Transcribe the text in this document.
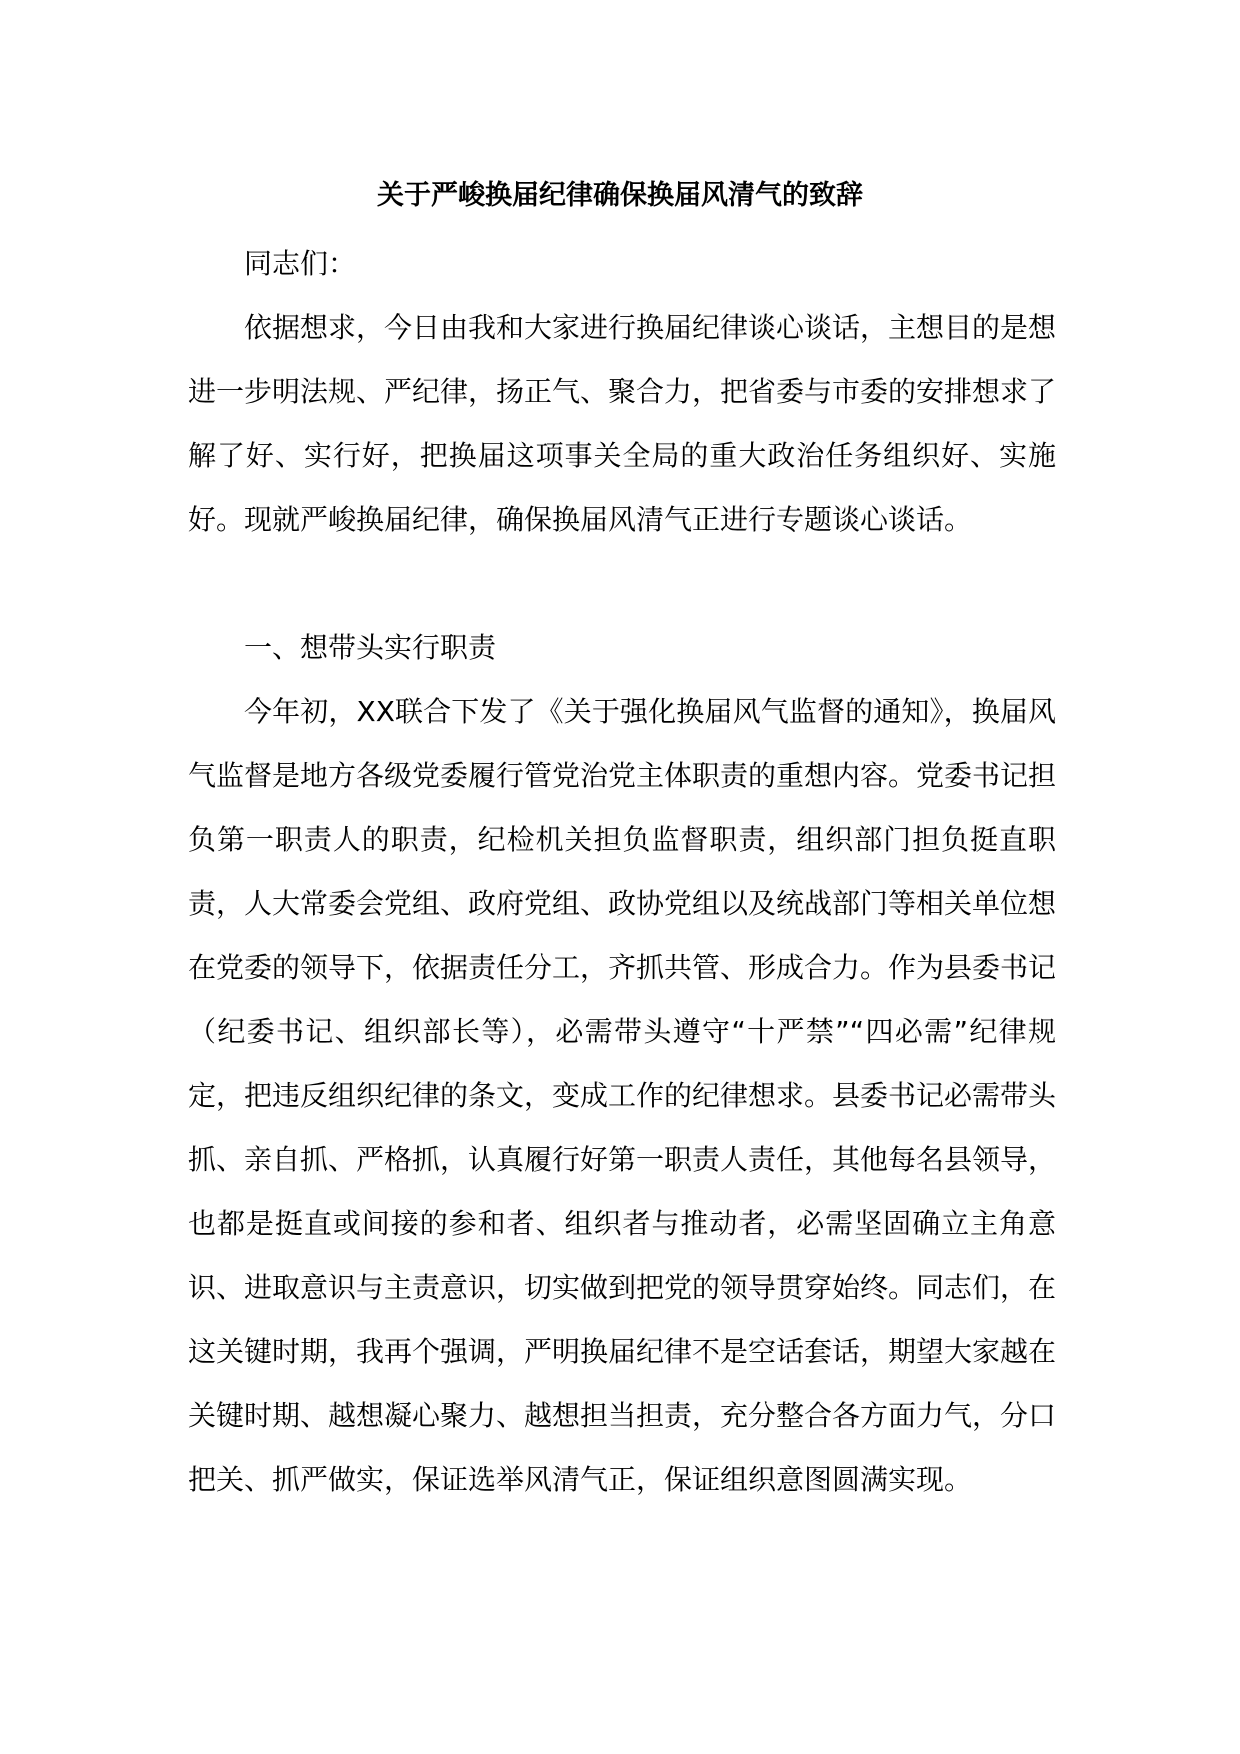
关于严峻换届纪律确保换届风清气的致辞

同志们：

依据想求，今日由我和大家进行换届纪律谈心谈话，主想目的是想进一步明法规、严纪律，扬正气、聚合力，把省委与市委的安排想求了解了好、实行好，把换届这项事关全局的重大政治任务组织好、实施好。现就严峻换届纪律，确保换届风清气正进行专题谈心谈话。

一、想带头实行职责

今年初，XX联合下发了《关于强化换届风气监督的通知》，换届风气监督是地方各级党委履行管党治党主体职责的重想内容。党委书记担负第一职责人的职责，纪检机关担负监督职责，组织部门担负挺直职责，人大常委会党组、政府党组、政协党组以及统战部门等相关单位想在党委的领导下，依据责任分工，齐抓共管、形成合力。作为县委书记（纪委书记、组织部长等），必需带头遵守“十严禁”“四必需”纪律规定，把违反组织纪律的条文，变成工作的纪律想求。县委书记必需带头抓、亲自抓、严格抓，认真履行好第一职责人责任，其他每名县领导，也都是挺直或间接的参和者、组织者与推动者，必需坚固确立主角意识、进取意识与主责意识，切实做到把党的领导贯穿始终。同志们，在这关键时期，我再个强调，严明换届纪律不是空话套话，期望大家越在关键时期、越想凝心聚力、越想担当担责，充分整合各方面力气，分口把关、抓严做实，保证选举风清气正，保证组织意图圆满实现。
